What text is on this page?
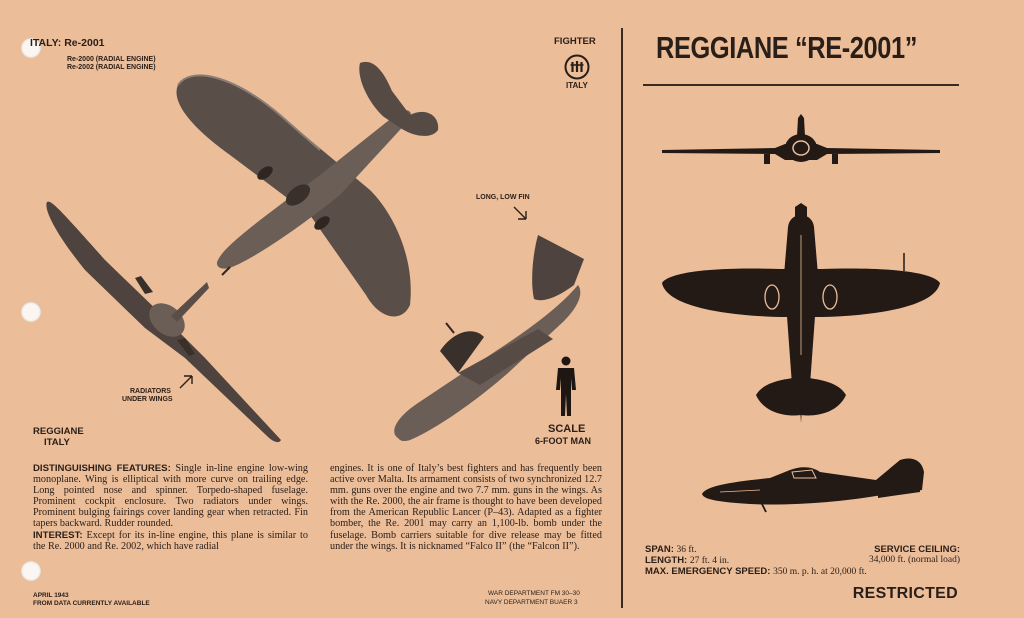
ITALY: Re-2001
Re-2000 (RADIAL ENGINE)
Re-2002 (RADIAL ENGINE)
FIGHTER
ITALY
REGGIANE “RE-2001”
LONG, LOW FIN
RADIATORS
UNDER WINGS
REGGIANE
ITALY
SCALE
6-FOOT MAN

DISTINGUISHING FEATURES: Single in-line engine low-wing monoplane. Wing is elliptical with more curve on trailing edge. Long pointed nose and spinner. Torpedo-shaped fuselage. Prominent cockpit enclosure. Two radiators under wings. Prominent bulging fairings cover landing gear when retracted. Fin tapers backward. Rudder rounded.

INTEREST: Except for its in-line engine, this plane is similar to the Re. 2000 and Re. 2002, which have radial

engines. It is one of Italy’s best fighters and has frequently been active over Malta. Its armament consists of two synchronized 12.7 mm. guns over the engine and two 7.7 mm. guns in the wings. As with the Re. 2000, the air frame is thought to have been developed from the American Republic Lancer (P–43). Adapted as a fighter bomber, the Re. 2001 may carry an 1,100-lb. bomb under the fuselage. Bomb carriers suitable for dive release may be fitted under the wings. It is nicknamed “Falco II” (the “Falcon II”).

APRIL 1943
FROM DATA CURRENTLY AVAILABLE
WAR DEPARTMENT FM 30–30
NAVY DEPARTMENT BUAER 3
SPAN: 36 ft.
LENGTH: 27 ft. 4 in.
MAX. EMERGENCY SPEED: 350 m. p. h. at 20,000 ft.
SERVICE CEILING:
34,000 ft. (normal load)
RESTRICTED
